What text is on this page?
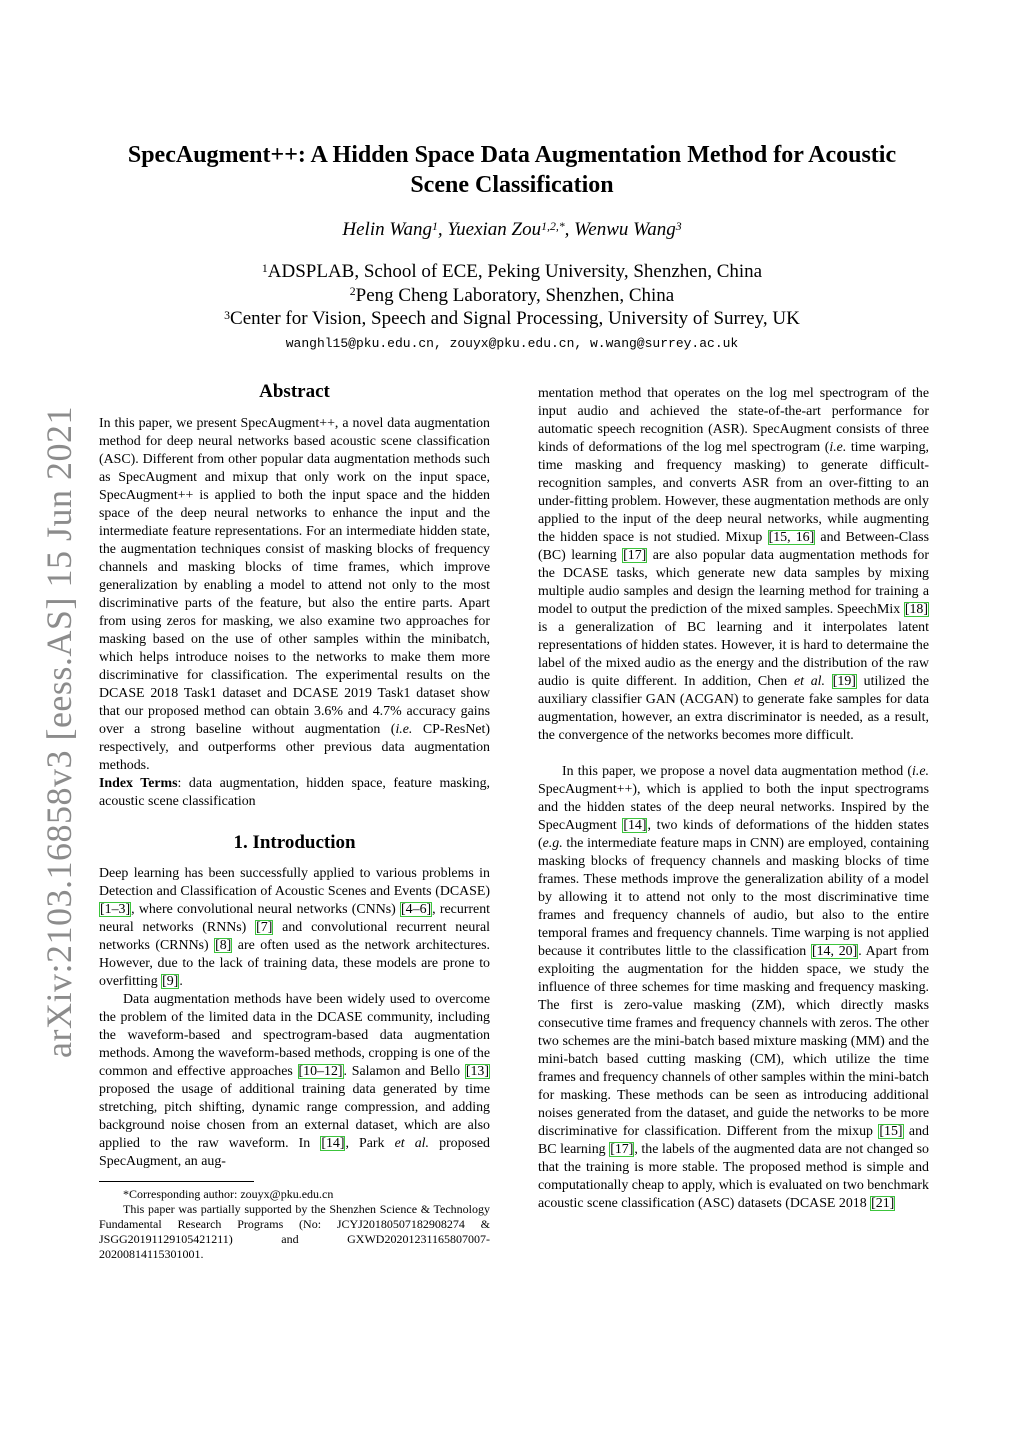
arXiv:2103.16858v3 [eess.AS] 15 Jun 2021
SpecAugment++: A Hidden Space Data Augmentation Method for Acoustic
Scene Classification
Helin Wang$^1$, Yuexian Zou$^{1,2,*}$, Wenwu Wang$^3$
$^1$ADSPLAB, School of ECE, Peking University, Shenzhen, China
$^2$Peng Cheng Laboratory, Shenzhen, China
$^3$Center for Vision, Speech and Signal Processing, University of Surrey, UK
wanghl15@pku.edu.cn, zouyx@pku.edu.cn, w.wang@surrey.ac.uk
Abstract

In this paper, we present SpecAugment++, a novel data augmentation method for deep neural networks based acoustic scene classification (ASC). Different from other popular data augmentation methods such as SpecAugment and mixup that only work on the input space, SpecAugment++ is applied to both the input space and the hidden space of the deep neural networks to enhance the input and the intermediate feature representations. For an intermediate hidden state, the augmentation techniques consist of masking blocks of frequency channels and masking blocks of time frames, which improve generalization by enabling a model to attend not only to the most discriminative parts of the feature, but also the entire parts. Apart from using zeros for masking, we also examine two approaches for masking based on the use of other samples within the minibatch, which helps introduce noises to the networks to make them more discriminative for classification. The experimental results on the DCASE 2018 Task1 dataset and DCASE 2019 Task1 dataset show that our proposed method can obtain 3.6% and 4.7% accuracy gains over a strong baseline without augmentation (i.e. CP-ResNet) respectively, and outperforms other previous data augmentation methods.

Index Terms: data augmentation, hidden space, feature masking, acoustic scene classification

1. Introduction

Deep learning has been successfully applied to various problems in Detection and Classification of Acoustic Scenes and Events (DCASE) [1–3], where convolutional neural networks (CNNs) [4–6], recurrent neural networks (RNNs) [7] and convolutional recurrent neural networks (CRNNs) [8] are often used as the network architectures. However, due to the lack of training data, these models are prone to overfitting [9].

Data augmentation methods have been widely used to overcome the problem of the limited data in the DCASE community, including the waveform-based and spectrogram-based data augmentation methods. Among the waveform-based methods, cropping is one of the common and effective approaches [10–12]. Salamon and Bello [13] proposed the usage of additional training data generated by time stretching, pitch shifting, dynamic range compression, and adding background noise chosen from an external dataset, which are also applied to the raw waveform. In [14], Park et al. proposed SpecAugment, an aug-

*Corresponding author: zouyx@pku.edu.cn

This paper was partially supported by the Shenzhen Science & Technology Fundamental Research Programs (No: JCYJ20180507182908274 & JSGG20191129105421211) and GXWD20201231165807007-20200814115301001.

mentation method that operates on the log mel spectrogram of the input audio and achieved the state-of-the-art performance for automatic speech recognition (ASR). SpecAugment consists of three kinds of deformations of the log mel spectrogram (i.e. time warping, time masking and frequency masking) to generate difficult-recognition samples, and converts ASR from an over-fitting to an under-fitting problem. However, these augmentation methods are only applied to the input of the deep neural networks, while augmenting the hidden space is not studied. Mixup [15, 16] and Between-Class (BC) learning [17] are also popular data augmentation methods for the DCASE tasks, which generate new data samples by mixing multiple audio samples and design the learning method for training a model to output the prediction of the mixed samples. SpeechMix [18] is a generalization of BC learning and it interpolates latent representations of hidden states. However, it is hard to determaine the label of the mixed audio as the energy and the distribution of the raw audio is quite different. In addition, Chen et al. [19] utilized the auxiliary classifier GAN (ACGAN) to generate fake samples for data augmentation, however, an extra discriminator is needed, as a result, the convergence of the networks becomes more difficult.

In this paper, we propose a novel data augmentation method (i.e. SpecAugment++), which is applied to both the input spectrograms and the hidden states of the deep neural networks. Inspired by the SpecAugment [14], two kinds of deformations of the hidden states (e.g. the intermediate feature maps in CNN) are employed, containing masking blocks of frequency channels and masking blocks of time frames. These methods improve the generalization ability of a model by allowing it to attend not only to the most discriminative time frames and frequency channels of audio, but also to the entire temporal frames and frequency channels. Time warping is not applied because it contributes little to the classification [14, 20]. Apart from exploiting the augmentation for the hidden space, we study the influence of three schemes for time masking and frequency masking. The first is zero-value masking (ZM), which directly masks consecutive time frames and frequency channels with zeros. The other two schemes are the mini-batch based mixture masking (MM) and the mini-batch based cutting masking (CM), which utilize the time frames and frequency channels of other samples within the mini-batch for masking. These methods can be seen as introducing additional noises generated from the dataset, and guide the networks to be more discriminative for classification. Different from the mixup [15] and BC learning [17], the labels of the augmented data are not changed so that the training is more stable. The proposed method is simple and computationally cheap to apply, which is evaluated on two benchmark acoustic scene classification (ASC) datasets (DCASE 2018 [21]
